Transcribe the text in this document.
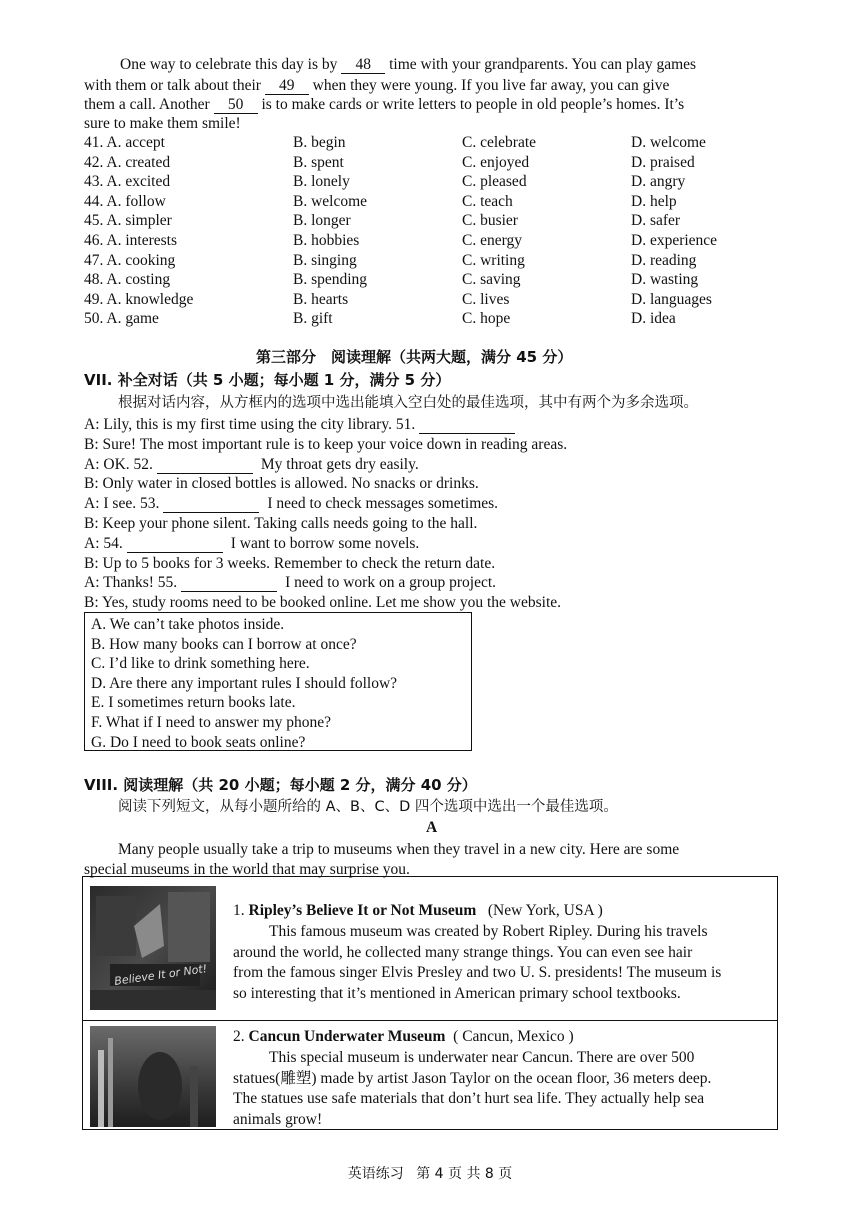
One way to celebrate this day is by 48 time with your grandparents. You can play games
with them or talk about their 49 when they were young. If you live far away, you can give
them a call. Another 50 is to make cards or write letters to people in old people’s homes. It’s
sure to make them smile!
41. A. accept	B. begin	C. celebrate	D. welcome
42. A. created	B. spent	C. enjoyed	D. praised
43. A. excited	B. lonely	C. pleased	D. angry
44. A. follow	B. welcome	C. teach	D. help
45. A. simpler	B. longer	C. busier	D. safer
46. A. interests	B. hobbies	C. energy	D. experience
47. A. cooking	B. singing	C. writing	D. reading
48. A. costing	B. spending	C. saving	D. wasting
49. A. knowledge	B. hearts	C. lives	D. languages
50. A. game	B. gift	C. hope	D. idea
第三部分　阅读理解（共两大题，满分 45 分）
VII. 补全对话（共 5 小题；每小题 1 分，满分 5 分）
根据对话内容，从方框内的选项中选出能填入空白处的最佳选项，其中有两个为多余选项。
A: Lily, this is my first time using the city library. 51.
B: Sure! The most important rule is to keep your voice down in reading areas.
A: OK. 52.	My throat gets dry easily.
B: Only water in closed bottles is allowed. No snacks or drinks.
A: I see. 53.	I need to check messages sometimes.
B: Keep your phone silent. Taking calls needs going to the hall.
A: 54.	I want to borrow some novels.
B: Up to 5 books for 3 weeks. Remember to check the return date.
A: Thanks! 55.	I need to work on a group project.
B: Yes, study rooms need to be booked online. Let me show you the website.
A. We can’t take photos inside.
B. How many books can I borrow at once?
C. I’d like to drink something here.
D. Are there any important rules I should follow?
E. I sometimes return books late.
F. What if I need to answer my phone?
G. Do I need to book seats online?
VIII. 阅读理解（共 20 小题；每小题 2 分，满分 40 分）
阅读下列短文，从每小题所给的 A、B、C、D 四个选项中选出一个最佳选项。
A
Many people usually take a trip to museums when they travel in a new city. Here are some
special museums in the world that may surprise you.
Believe It or Not!
1. Ripley’s Believe It or Not Museum (New York, USA )
This famous museum was created by Robert Ripley. During his travels
around the world, he collected many strange things. You can even see hair
from the famous singer Elvis Presley and two U. S. presidents! The museum is
so interesting that it’s mentioned in American primary school textbooks.
2. Cancun Underwater Museum ( Cancun, Mexico )
This special museum is underwater near Cancun. There are over 500
statues(雕塑) made by artist Jason Taylor on the ocean floor, 36 meters deep.
The statues use safe materials that don’t hurt sea life. They actually help sea
animals grow!
英语练习 第 4 页 共 8 页
